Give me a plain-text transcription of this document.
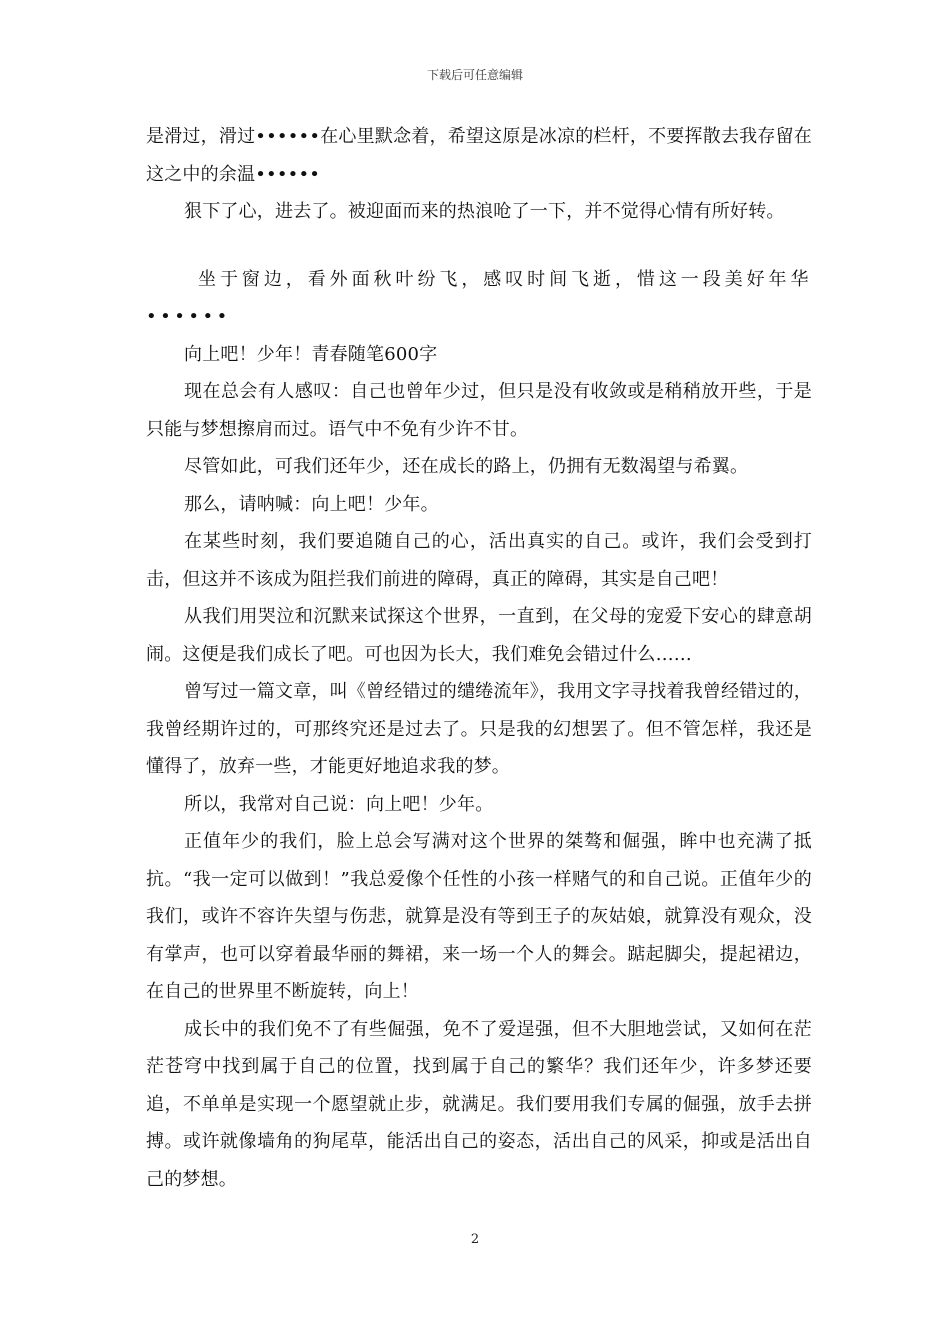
下载后可任意编辑

是滑过，滑过••••••在心里默念着，希望这原是冰凉的栏杆，不要挥散去我存留在这之中的余温••••••

狠下了心，进去了。被迎面而来的热浪呛了一下，并不觉得心情有所好转。

坐于窗边，看外面秋叶纷飞，感叹时间飞逝，惜这一段美好年华••••••

向上吧！少年！青春随笔600字

现在总会有人感叹：自己也曾年少过，但只是没有收敛或是稍稍放开些，于是只能与梦想擦肩而过。语气中不免有少许不甘。

尽管如此，可我们还年少，还在成长的路上，仍拥有无数渴望与希翼。

那么，请呐喊：向上吧！少年。

在某些时刻，我们要追随自己的心，活出真实的自己。或许，我们会受到打击，但这并不该成为阻拦我们前进的障碍，真正的障碍，其实是自己吧！

从我们用哭泣和沉默来试探这个世界，一直到，在父母的宠爱下安心的肆意胡闹。这便是我们成长了吧。可也因为长大，我们难免会错过什么……

曾写过一篇文章，叫《曾经错过的缱绻流年》，我用文字寻找着我曾经错过的，我曾经期许过的，可那终究还是过去了。只是我的幻想罢了。但不管怎样，我还是懂得了，放弃一些，才能更好地追求我的梦。

所以，我常对自己说：向上吧！少年。

正值年少的我们，脸上总会写满对这个世界的桀骜和倔强，眸中也充满了抵抗。“我一定可以做到！”我总爱像个任性的小孩一样赌气的和自己说。正值年少的我们，或许不容许失望与伤悲，就算是没有等到王子的灰姑娘，就算没有观众，没有掌声，也可以穿着最华丽的舞裙，来一场一个人的舞会。踮起脚尖，提起裙边，在自己的世界里不断旋转，向上！

成长中的我们免不了有些倔强，免不了爱逞强，但不大胆地尝试，又如何在茫茫苍穹中找到属于自己的位置，找到属于自己的繁华？我们还年少，许多梦还要追，不单单是实现一个愿望就止步，就满足。我们要用我们专属的倔强，放手去拼搏。或许就像墙角的狗尾草，能活出自己的姿态，活出自己的风采，抑或是活出自己的梦想。

2
